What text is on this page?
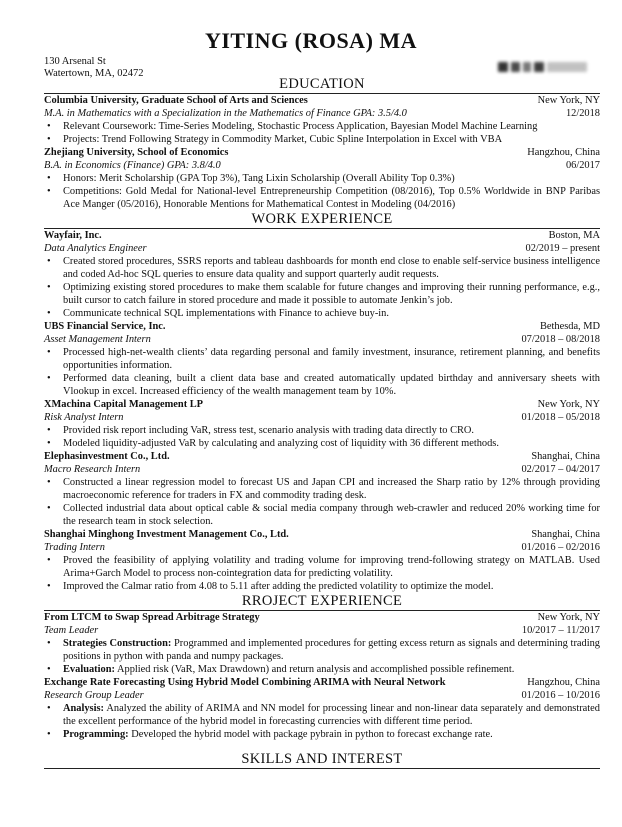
YITING (ROSA) MA
130 Arsenal St
Watertown, MA, 02472
EDUCATION
Columbia University, Graduate School of Arts and Sciences	New York, NY
M.A. in Mathematics with a Specialization in the Mathematics of Finance GPA: 3.5/4.0	12/2018
• Relevant Coursework: Time-Series Modeling, Stochastic Process Application, Bayesian Model Machine Learning
• Projects: Trend Following Strategy in Commodity Market, Cubic Spline Interpolation in Excel with VBA
Zhejiang University, School of Economics	Hangzhou, China
B.A. in Economics (Finance) GPA: 3.8/4.0	06/2017
• Honors: Merit Scholarship (GPA Top 3%), Tang Lixin Scholarship (Overall Ability Top 0.3%)
• Competitions: Gold Medal for National-level Entrepreneurship Competition (08/2016), Top 0.5% Worldwide in BNP Paribas Ace Manger (05/2016), Honorable Mentions for Mathematical Contest in Modeling (04/2016)
WORK EXPERIENCE
Wayfair, Inc.	Boston, MA
Data Analytics Engineer	02/2019 – present
• Created stored procedures, SSRS reports and tableau dashboards for month end close to enable self-service business intelligence and coded Ad-hoc SQL queries to ensure data quality and support quarterly audit requests.
• Optimizing existing stored procedures to make them scalable for future changes and improving their running performance, e.g., built cursor to catch failure in stored procedure and made it possible to automate Jenkin’s job.
• Communicate technical SQL implementations with Finance to achieve buy-in.
UBS Financial Service, Inc.	Bethesda, MD
Asset Management Intern	07/2018 – 08/2018
• Processed high-net-wealth clients’ data regarding personal and family investment, insurance, retirement planning, and benefits opportunities information.
• Performed data cleaning, built a client data base and created automatically updated birthday and anniversary sheets with Vlookup in excel. Increased efficiency of the wealth management team by 10%.
XMachina Capital Management LP	New York, NY
Risk Analyst Intern	01/2018 – 05/2018
• Provided risk report including VaR, stress test, scenario analysis with trading data directly to CRO.
• Modeled liquidity-adjusted VaR by calculating and analyzing cost of liquidity with 36 different methods.
Elephasinvestment Co., Ltd.	Shanghai, China
Macro Research Intern	02/2017 – 04/2017
• Constructed a linear regression model to forecast US and Japan CPI and increased the Sharp ratio by 12% through providing macroeconomic reference for traders in FX and commodity trading desk.
• Collected industrial data about optical cable & social media company through web-crawler and reduced 20% working time for the research team in stock selection.
Shanghai Minghong Investment Management Co., Ltd.	Shanghai, China
Trading Intern	01/2016 – 02/2016
• Proved the feasibility of applying volatility and trading volume for improving trend-following strategy on MATLAB. Used Arima+Garch Model to process non-cointegration data for predicting volatility.
• Improved the Calmar ratio from 4.08 to 5.11 after adding the predicted volatility to optimize the model.
RROJECT EXPERIENCE
From LTCM to Swap Spread Arbitrage Strategy	New York, NY
Team Leader	10/2017 – 11/2017
• Strategies Construction: Programmed and implemented procedures for getting excess return as signals and determining trading positions in python with panda and numpy packages.
• Evaluation: Applied risk (VaR, Max Drawdown) and return analysis and accomplished possible refinement.
Exchange Rate Forecasting Using Hybrid Model Combining ARIMA with Neural Network	Hangzhou, China
Research Group Leader	01/2016 – 10/2016
• Analysis: Analyzed the ability of ARIMA and NN model for processing linear and non-linear data separately and demonstrated the excellent performance of the hybrid model in forecasting currencies with different time period.
• Programming: Developed the hybrid model with package pybrain in python to forecast exchange rate.
SKILLS AND INTEREST
